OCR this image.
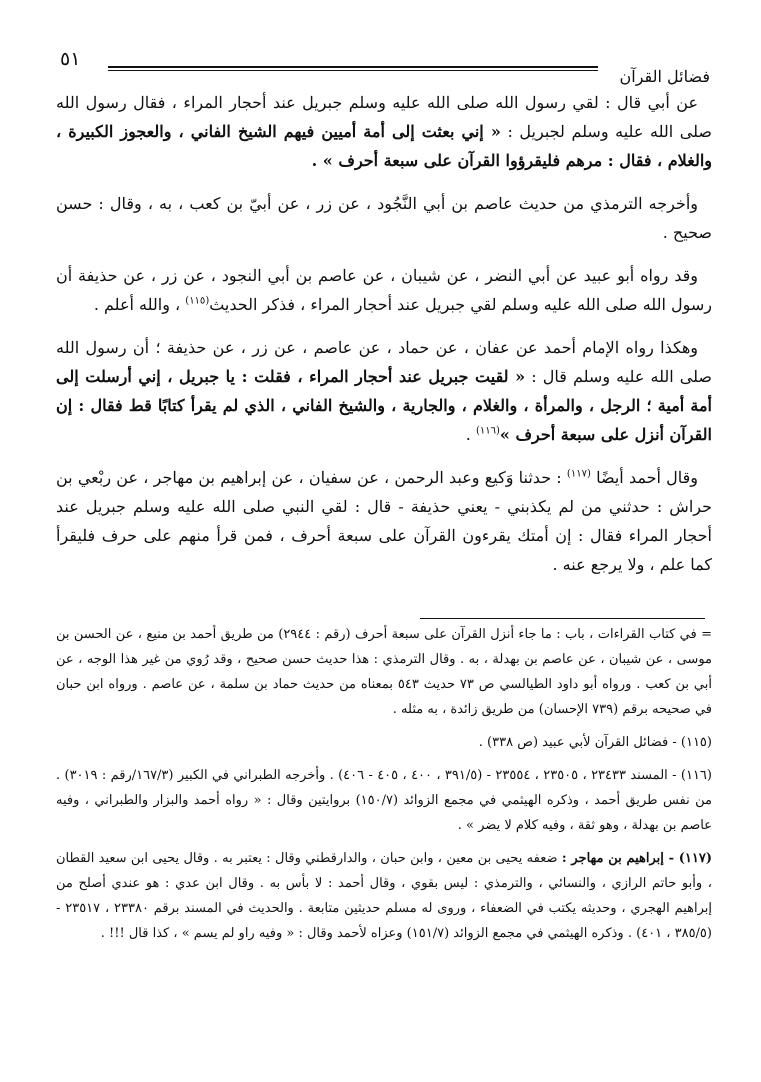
فضائل القرآن
٥١

عن أبي قال : لقي رسول الله صلى الله عليه وسلم جبريل عند أحجار المراء ، فقال رسول الله صلى الله عليه وسلم لجبريل : « إني بعثت إلى أمة أميين فيهم الشيخ الفاني ، والعجوز الكبيرة ، والغلام ، فقال : مرهم فليقرؤوا القرآن على سبعة أحرف » .

وأخرجه الترمذي من حديث عاصم بن أبي النَّجُود ، عن زر ، عن أبيّ بن كعب ، به ، وقال : حسن صحيح .

وقد رواه أبو عبيد عن أبي النضر ، عن شيبان ، عن عاصم بن أبي النجود ، عن زر ، عن حذيفة أن رسول الله صلى الله عليه وسلم لقي جبريل عند أحجار المراء ، فذكر الحديث$^{(١١٥)}$ ، والله أعلم .

وهكذا رواه الإمام أحمد عن عفان ، عن حماد ، عن عاصم ، عن زر ، عن حذيفة ؛ أن رسول الله صلى الله عليه وسلم قال : « لقيت جبريل عند أحجار المراء ، فقلت : يا جبريل ، إني أرسلت إلى أمة أمية ؛ الرجل ، والمرأة ، والغلام ، والجارية ، والشيخ الفاني ، الذي لم يقرأ كتابًا قط فقال : إن القرآن أنزل على سبعة أحرف »$^{(١١٦)}$ .

وقال أحمد أيضًا $^{(١١٧)}$ : حدثنا وَكيع وعبد الرحمن ، عن سفيان ، عن إبراهيم بن مهاجر ، عن ربْعي بن حراش : حدثني من لم يكذبني - يعني حذيفة - قال : لقي النبي صلى الله عليه وسلم جبريل عند أحجار المراء فقال : إن أمتك يقرءون القرآن على سبعة أحرف ، فمن قرأ منهم على حرف فليقرأ كما علم ، ولا يرجع عنه .

= في كتاب القراءات ، باب : ما جاء أنزل القرآن على سبعة أحرف (رقم : ٢٩٤٤) من طريق أحمد بن منيع ، عن الحسن بن موسى ، عن شيبان ، عن عاصم بن بهدلة ، به . وقال الترمذي : هذا حديث حسن صحيح ، وقد رُوي من غير هذا الوجه ، عن أبي بن كعب . ورواه أبو داود الطيالسي ص ٧٣ حديث ٥٤٣ بمعناه من حديث حماد بن سلمة ، عن عاصم . ورواه ابن حبان في صحيحه برقم (٧٣٩ الإحسان) من طريق زائدة ، به مثله .

(١١٥) - فضائل القرآن لأبي عبيد (ص ٣٣٨) .

(١١٦) - المسند ٢٣٤٣٣ ، ٢٣٥٠٥ ، ٢٣٥٥٤ - (٣٩١/٥ ، ٤٠٠ ، ٤٠٥ - ٤٠٦) . وأخرجه الطبراني في الكبير (١٦٧/٣/رقم : ٣٠١٩) . من نفس طريق أحمد ، وذكره الهيثمي في مجمع الزوائد (١٥٠/٧) بروايتين وقال : « رواه أحمد والبزار والطبراني ، وفيه عاصم بن بهدلة ، وهو ثقة ، وفيه كلام لا يضر » .

(١١٧) - إبراهيم بن مهاجر : ضعفه يحيى بن معين ، وابن حبان ، والدارقطني وقال : يعتبر به . وقال يحيى ابن سعيد القطان ، وأبو حاتم الرازي ، والنسائي ، والترمذي : ليس بقوي ، وقال أحمد : لا بأس به . وقال ابن عدي : هو عندي أصلح من إبراهيم الهجري ، وحديثه يكتب في الضعفاء ، وروى له مسلم حديثين متابعة . والحديث في المسند برقم ٢٣٣٨٠ ، ٢٣٥١٧ - (٣٨٥/٥ ، ٤٠١) . وذكره الهيثمي في مجمع الزوائد (١٥١/٧) وعزاه لأحمد وقال : « وفيه راو لم يسم » ، كذا قال !!! .
